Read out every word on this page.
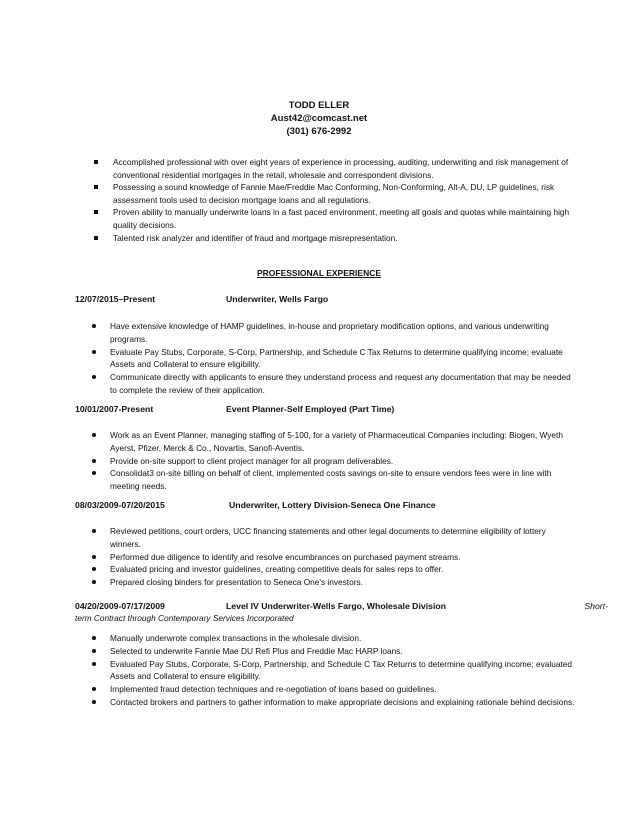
TODD ELLER
Aust42@comcast.net
(301) 676-2992
Accomplished professional with over eight years of experience in processing, auditing, underwriting and risk management of conventional residential mortgages in the retail, wholesale and correspondent divisions.
Possessing a sound knowledge of Fannie Mae/Freddie Mac Conforming, Non-Conforming, Alt-A, DU, LP guidelines, risk assessment tools used to decision mortgage loans and all regulations.
Proven ability to manually underwrite loans in a fast paced environment, meeting all goals and quotas while maintaining high quality decisions.
Talented risk analyzer and identifier of fraud and mortgage misrepresentation.
PROFESSIONAL EXPERIENCE
12/07/2015–Present	Underwriter, Wells Fargo
Have extensive knowledge of HAMP guidelines, in-house and proprietary modification options, and various underwriting programs.
Evaluate Pay Stubs, Corporate, S-Corp, Partnership, and Schedule C Tax Returns to determine qualifying income; evaluate Assets and Collateral to ensure eligibility.
Communicate directly with applicants to ensure they understand process and request any documentation that may be needed to complete the review of their application.
10/01/2007-Present	Event Planner-Self Employed (Part Time)
Work as an Event Planner, managing staffing of 5-100, for a variety of Pharmaceutical Companies including: Biogen, Wyeth Ayerst, Pfizer, Merck & Co., Novartis, Sanofi-Aventis.
Provide on-site support to client project manager for all program deliverables.
Consolidat3 on-site billing on behalf of client, implemented costs savings on-site to ensure vendors fees were in line with meeting needs.
08/03/2009-07/20/2015	Underwriter, Lottery Division-Seneca One Finance
Reviewed petitions, court orders, UCC financing statements and other legal documents to determine eligibility of lottery winners.
Performed due diligence to identify and resolve encumbrances on purchased payment streams.
Evaluated pricing and investor guidelines, creating competitive deals for sales reps to offer.
Prepared closing binders for presentation to Seneca One's investors.
04/20/2009-07/17/2009	Level IV Underwriter-Wells Fargo, Wholesale Division	Short-
term Contract through Contemporary Services Incorporated
Manually underwrote complex transactions in the wholesale division.
Selected to underwrite Fannie Mae DU Refi Plus and Freddie Mac HARP loans.
Evaluated Pay Stubs, Corporate, S-Corp, Partnership, and Schedule C Tax Returns to determine qualifying income; evaluated Assets and Collateral to ensure eligibility.
Implemented fraud detection techniques and re-negotiation of loans based on guidelines.
Contacted brokers and partners to gather information to make appropriate decisions and explaining rationale behind decisions.
